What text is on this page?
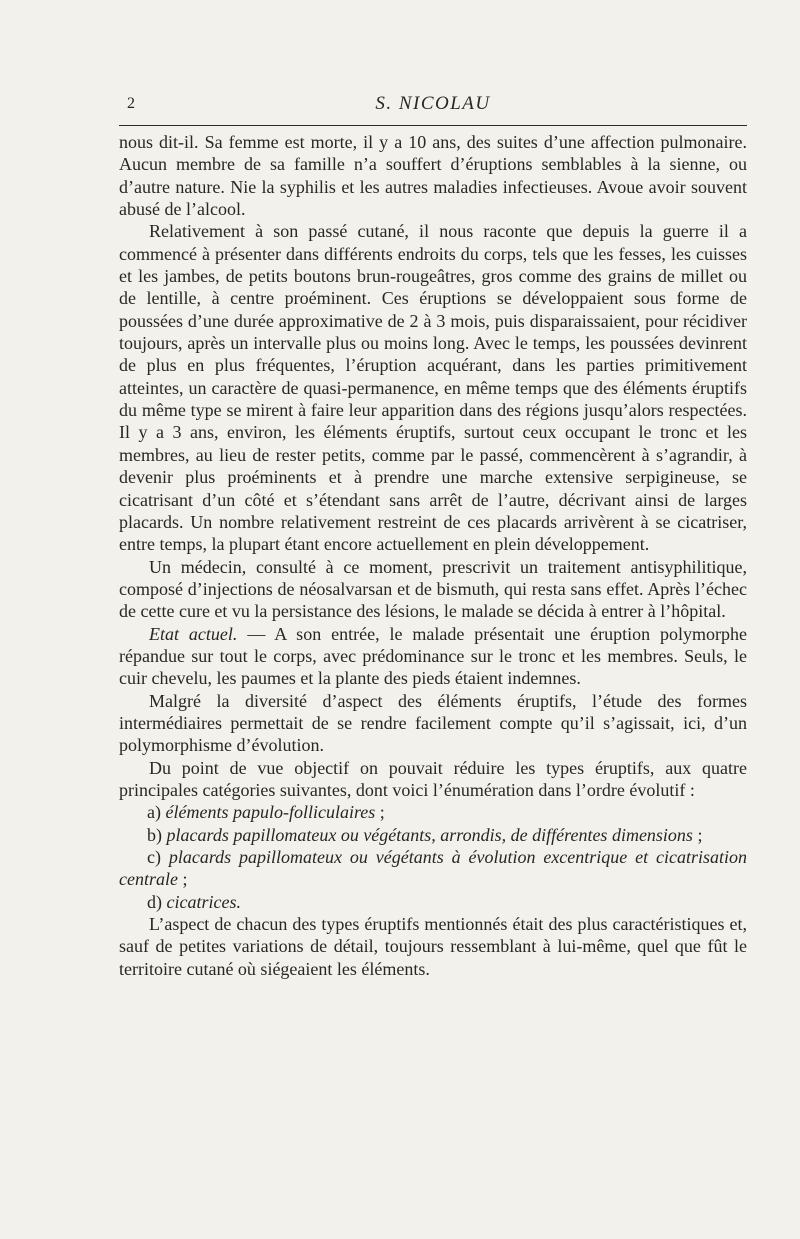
2	S. NICOLAU

nous dit-il. Sa femme est morte, il y a 10 ans, des suites d’une affection pulmonaire. Aucun membre de sa famille n’a souffert d’éruptions semblables à la sienne, ou d’autre nature. Nie la syphilis et les autres maladies infectieuses. Avoue avoir souvent abusé de l’alcool.

Relativement à son passé cutané, il nous raconte que depuis la guerre il a commencé à présenter dans différents endroits du corps, tels que les fesses, les cuisses et les jambes, de petits boutons brun-rougeâtres, gros comme des grains de millet ou de lentille, à centre proéminent. Ces éruptions se développaient sous forme de poussées d’une durée approximative de 2 à 3 mois, puis disparaissaient, pour récidiver toujours, après un intervalle plus ou moins long. Avec le temps, les poussées devinrent de plus en plus fréquentes, l’éruption acquérant, dans les parties primitivement atteintes, un caractère de quasi-permanence, en même temps que des éléments éruptifs du même type se mirent à faire leur apparition dans des régions jusqu’alors respectées. Il y a 3 ans, environ, les éléments éruptifs, surtout ceux occupant le tronc et les membres, au lieu de rester petits, comme par le passé, commencèrent à s’agrandir, à devenir plus proéminents et à prendre une marche extensive serpigineuse, se cicatrisant d’un côté et s’étendant sans arrêt de l’autre, décrivant ainsi de larges placards. Un nombre relativement restreint de ces placards arrivèrent à se cicatriser, entre temps, la plupart étant encore actuellement en plein développement.

Un médecin, consulté à ce moment, prescrivit un traitement antisyphilitique, composé d’injections de néosalvarsan et de bismuth, qui resta sans effet. Après l’échec de cette cure et vu la persistance des lésions, le malade se décida à entrer à l’hôpital.

Etat actuel. — A son entrée, le malade présentait une éruption polymorphe répandue sur tout le corps, avec prédominance sur le tronc et les membres. Seuls, le cuir chevelu, les paumes et la plante des pieds étaient indemnes.

Malgré la diversité d’aspect des éléments éruptifs, l’étude des formes intermédiaires permettait de se rendre facilement compte qu’il s’agissait, ici, d’un polymorphisme d’évolution.

Du point de vue objectif on pouvait réduire les types éruptifs, aux quatre principales catégories suivantes, dont voici l’énumération dans l’ordre évolutif :

a) éléments papulo-folliculaires ;

b) placards papillomateux ou végétants, arrondis, de différentes dimensions ;

c) placards papillomateux ou végétants à évolution excentrique et cicatrisation centrale ;

d) cicatrices.

L’aspect de chacun des types éruptifs mentionnés était des plus caractéristiques et, sauf de petites variations de détail, toujours ressemblant à lui-même, quel que fût le territoire cutané où siégeaient les éléments.
